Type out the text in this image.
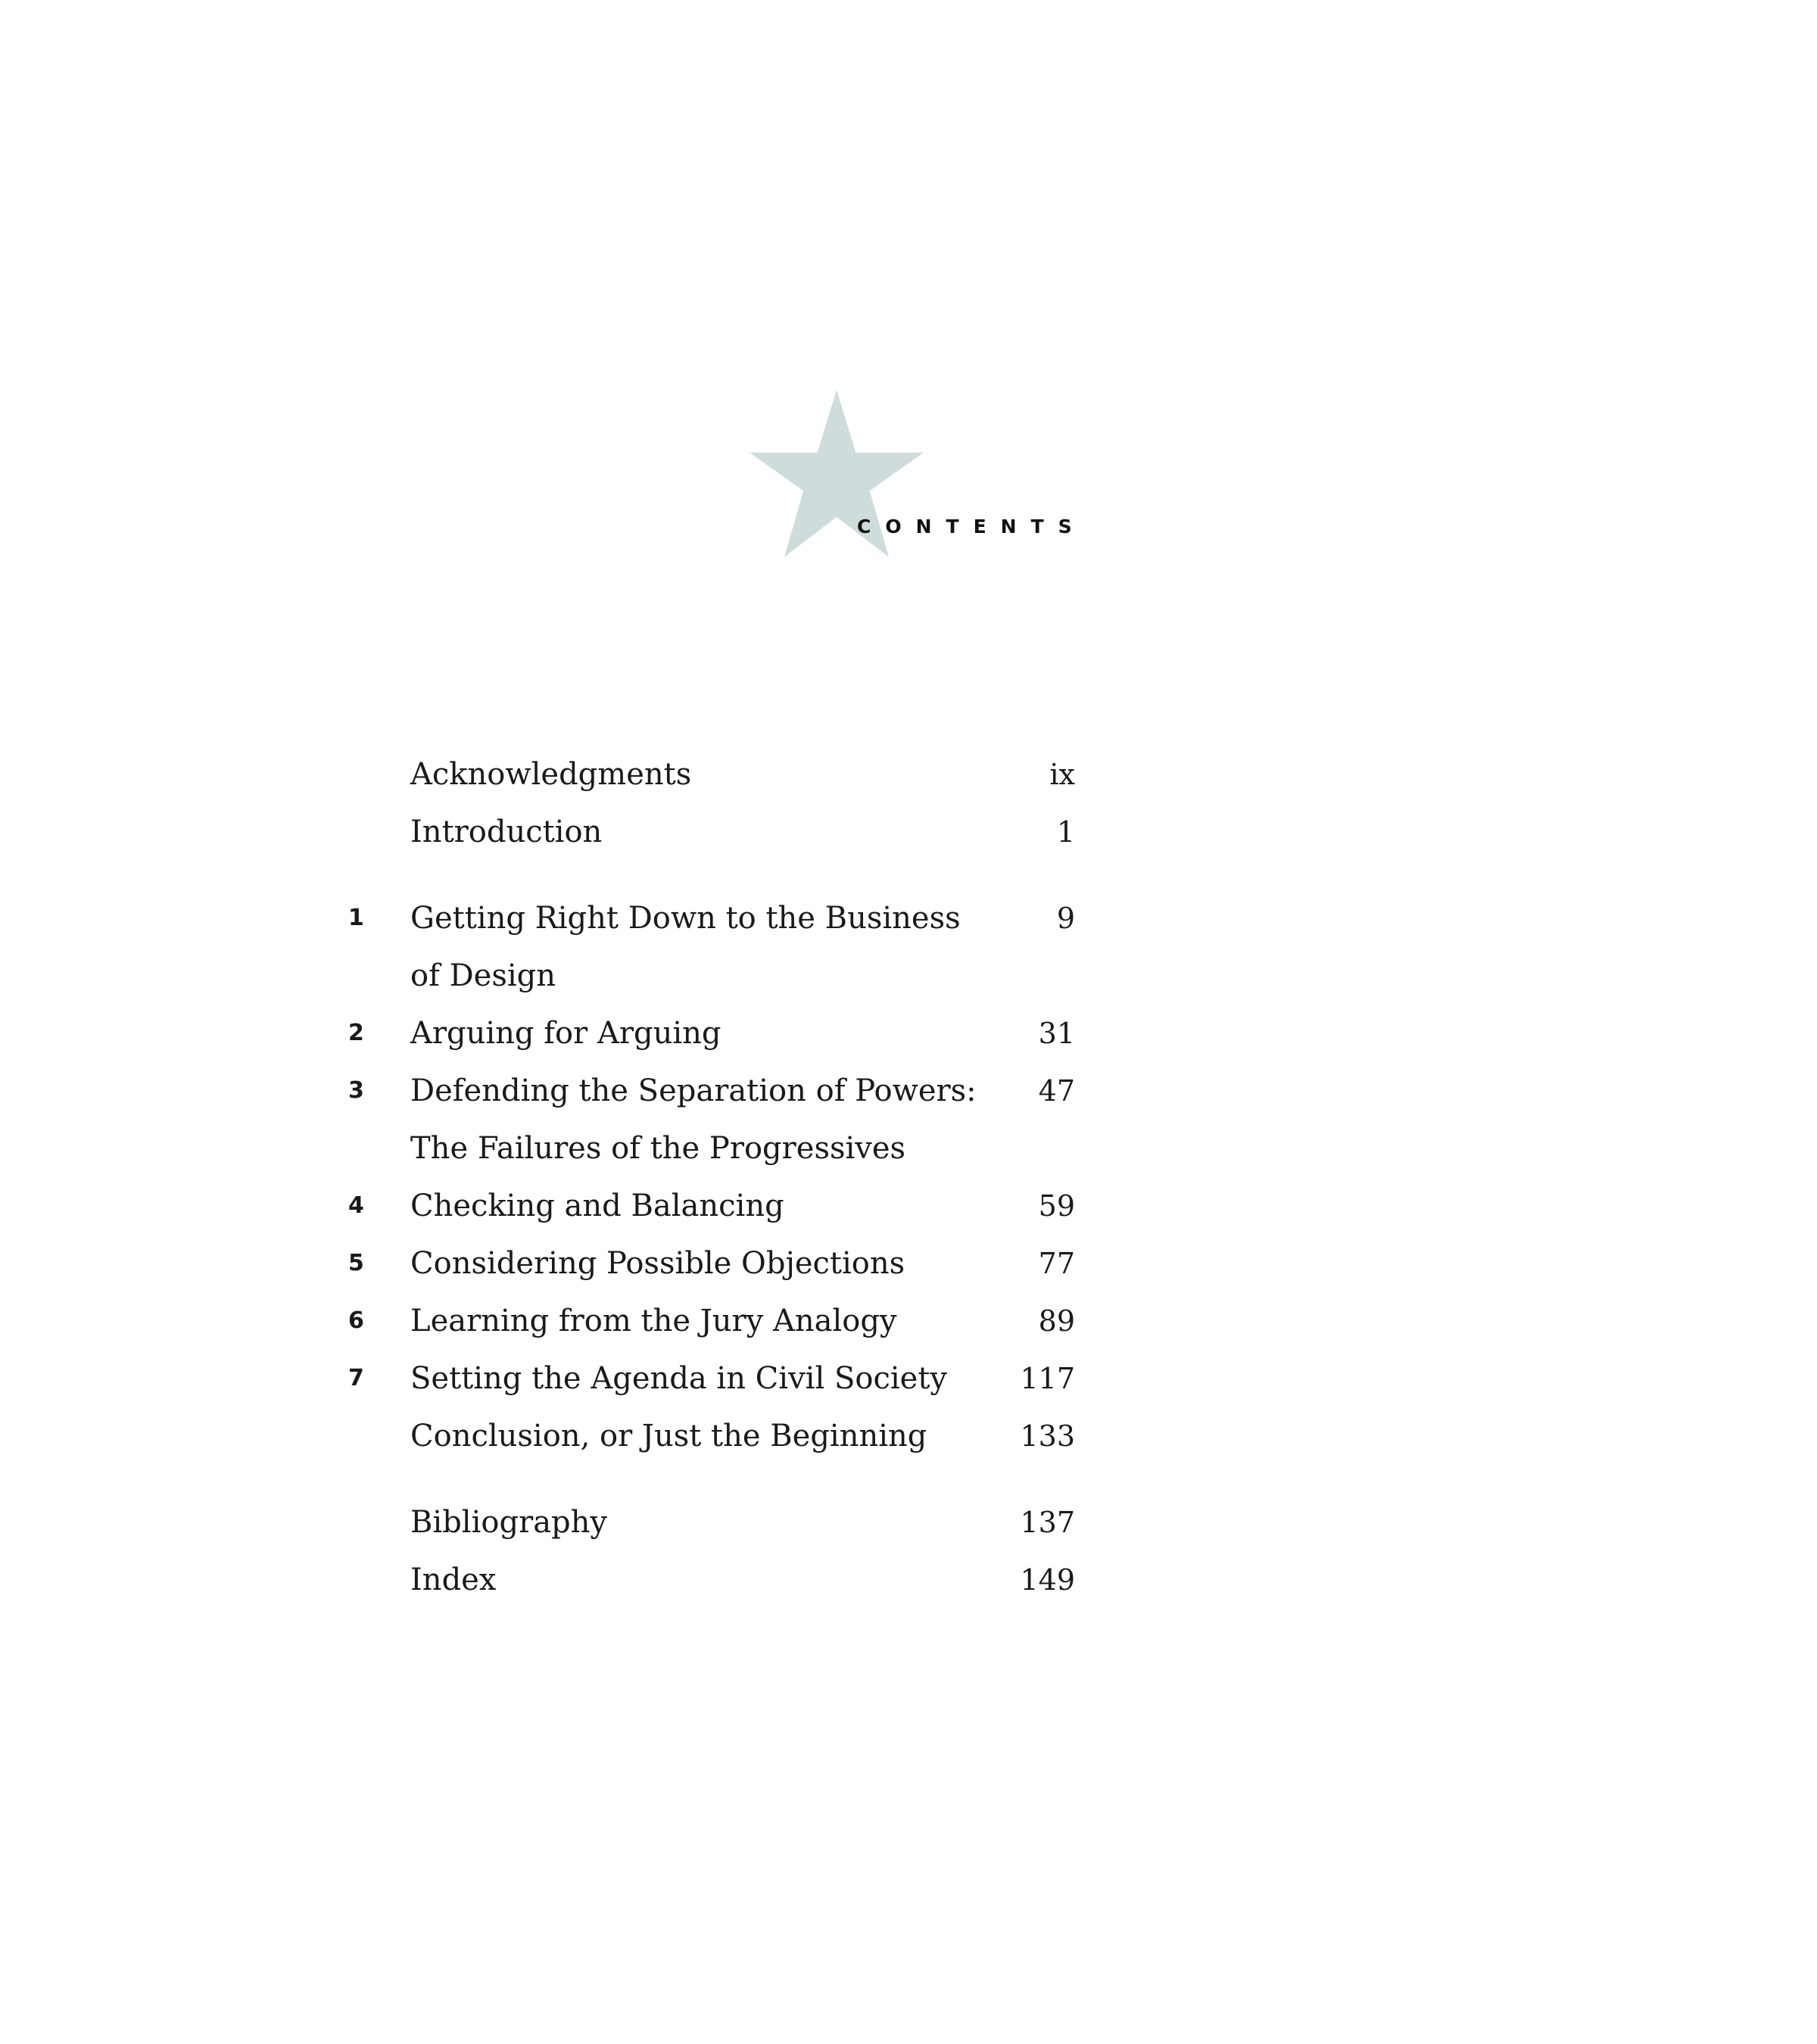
CONTENTS
Acknowledgments	ix
Introduction	1
1	Getting Right Down to the Business	9
of Design
2	Arguing for Arguing	31
3	Defending the Separation of Powers:	47
The Failures of the Progressives
4	Checking and Balancing	59
5	Considering Possible Objections	77
6	Learning from the Jury Analogy	89
7	Setting the Agenda in Civil Society	117
Conclusion, or Just the Beginning	133
Bibliography	137
Index	149
